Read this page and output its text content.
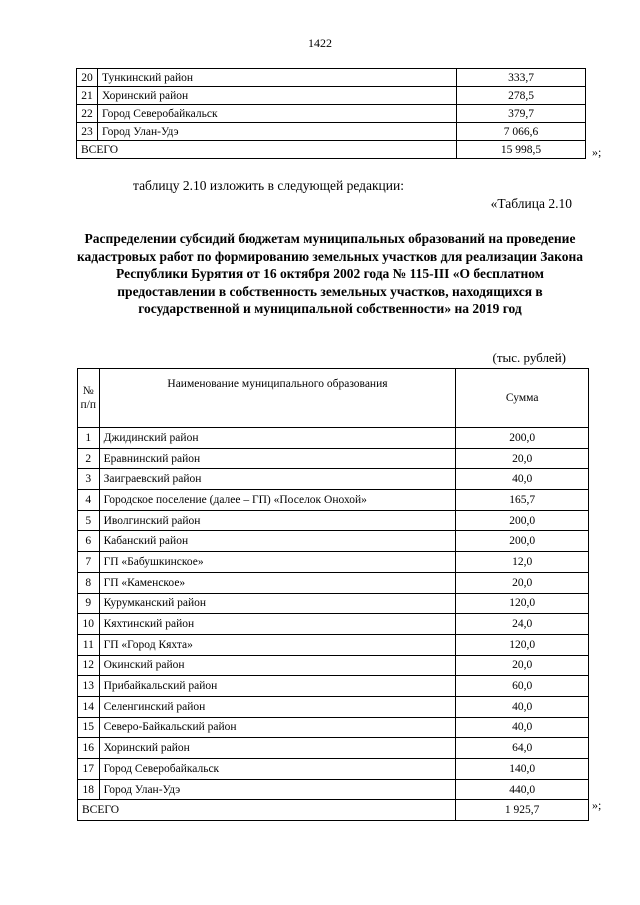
1422
20	Тункинский район	333,7
21	Хоринский район	278,5
22	Город Северобайкальск	379,7
23	Город Улан-Удэ	7 066,6
ВСЕГО		15 998,5	»;
таблицу 2.10 изложить в следующей редакции:
«Таблица 2.10
Распределении субсидий бюджетам муниципальных образований на проведение кадастровых работ по формированию земельных участков для реализации Закона Республики Бурятия от 16 октября 2002 года № 115-III «О бесплатном предоставлении в собственность земельных участков, находящихся в государственной и муниципальной собственности» на 2019 год
(тыс. рублей)
№ п/п	Наименование муниципального образования	Сумма
1	Джидинский район	200,0
2	Еравнинский район	20,0
3	Заиграевский район	40,0
4	Городское поселение (далее – ГП) «Поселок Онохой»	165,7
5	Иволгинский район	200,0
6	Кабанский район	200,0
7	ГП «Бабушкинское»	12,0
8	ГП «Каменское»	20,0
9	Курумканский район	120,0
10	Кяхтинский район	24,0
11	ГП «Город Кяхта»	120,0
12	Окинский район	20,0
13	Прибайкальский район	60,0
14	Селенгинский район	40,0
15	Северо-Байкальский район	40,0
16	Хоринский район	64,0
17	Город Северобайкальск	140,0
18	Город Улан-Удэ	440,0
ВСЕГО		1 925,7	»;
